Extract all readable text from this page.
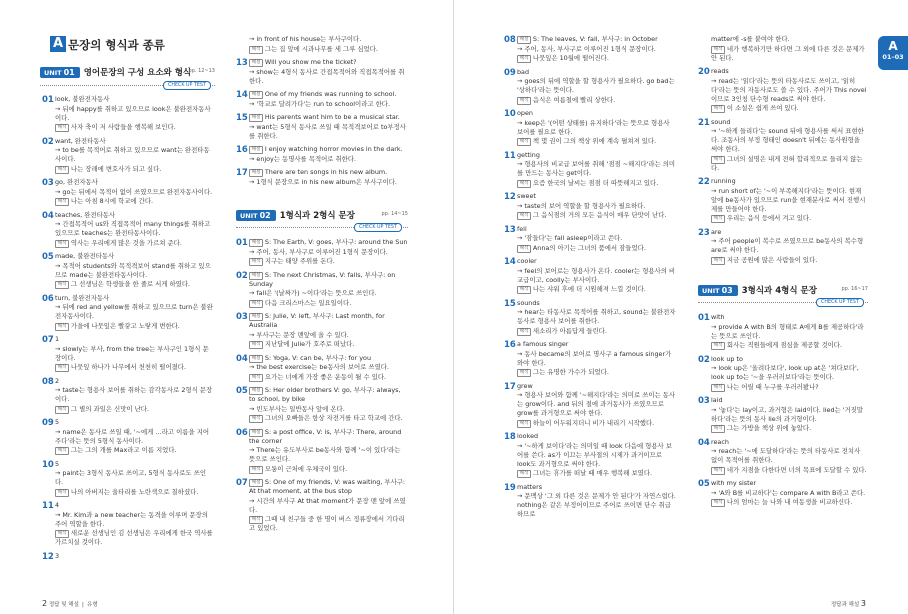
A 문장의 형식과 종류
UNIT 01	영어문장의 구성 요소와 형식
pp. 12~13
CHECK UP TEST
01 look, 불완전자동사
→ 뒤에 happy를 취하고 있으므로 look은 불완전자동사이다.
해석 사자 축이 저 사람들을 행복해 보인다.
02 want, 완전타동사
→ to be를 목적어로 취하고 있으므로 want는 완전타동사이다.
해석 나는 장래에 변호사가 되고 싶다.
03 go, 완전자동사
→ go는 뒤에서 목적어 없이 쓰였으므로 완전자동사이다.
해석 나는 아침 8시에 학교에 간다.
04 teaches, 완전타동사
→ 간접목적어 us와 직접목적어 many things를 취하고 있으므로 teaches는 완전타동사이다.
해석 역사는 우리에게 많은 것을 가르쳐 준다.
05 made, 불완전타동사
→ 목적어 students와 목적격보어 stand를 취하고 있으므로 made는 불완전타동사이다.
해석 그 선생님은 학생들을 한 줄로 서게 하였다.
06 turn, 불완전자동사
→ 뒤에 red and yellow를 취하고 있으므로 turn은 불완전자동사이다.
해석 가을에 나뭇잎은 빨갛고 노랗게 변한다.
07 1
→ slowly는 부사, from the tree는 부사구인 1형식 문장이다.
해석 나뭇잎 하나가 나무에서 천천히 떨어졌다.
08 2
→ taste는 형용사 보어를 취하는 감각동사로 2형식 문장이다.
해석 그 별의 과일은 신맛이 난다.
09 5
→ name은 동사로 쓰일 때, '~에게 …라고 이름을 지어 주다'라는 뜻의 5형식 동사이다.
해석 그는 그의 개를 Max라고 이름 지었다.
10 5
→ paint는 3형식 동사로 쓰이고, 5형식 동사로도 쓰인다.
해석 나의 아버지는 울타리를 노란색으로 칠하셨다.
11 4
→ Mr. Kim과 a new teacher는 동격을 이루며 문장의 주어 역할을 한다.
해석 새로운 선생님인 김 선생님은 우리에게 한국 역사를 가르치실 것이다.
12 3
→ in front of his house는 부사구이다.
해석 그는 집 앞에 시과나무를 세 그루 심었다.
13 해설 Will you show me the ticket?
→ show는 4형식 동사로 간접목적어와 직접목적어를 취한다.
14 해설 One of my friends was running to school.
→ '학교로 달려가다'는 run to school이라고 한다.
15 해설 His parents want him to be a musical star.
→ want는 5형식 동사로 쓰일 때 목적격보어로 to부정사를 취한다.
16 해설 I enjoy watching horror movies in the dark.
→ enjoy는 동명사를 목적어로 취한다.
17 해설 There are ten songs in his new album.
→ 1형식 문장으로 in his new album은 부사구이다.
UNIT 02	1형식과 2형식 문장	pp. 14~15
CHECK UP TEST
01 해설 S: The Earth, V: goes, 부사구: around the Sun
→ 주어, 동사, 부사구로 이루어진 1형식 문장이다.
해석 지구는 태양 주위를 돈다.
02 해설 S: The next Christmas, V: falls, 부사구: on Sunday
→ fall은 '(날짜가) ~이다'라는 뜻으로 쓰인다.
해석 다음 크리스마스는 일요일이다.
03 해설 S: Julie, V: left, 부사구: Last month, for Australia
→ 부사구는 문장 맨앞에 올 수 있다.
해석 지난달에 Julie가 호주로 떠났다.
04 해설 S: Yoga, V: can be, 부사구: for you
→ the best exercise는 be동사의 보어로 쓰였다.
해석 요가는 너에게 가장 좋은 운동이 될 수 있다.
05 해설 S: Her older brothers V: go, 부사구: always, to school, by bike
→ 빈도부사는 일반동사 앞에 온다.
해석 그녀의 오빠들은 항상 자전거를 타고 학교에 간다.
06 해설 S: a post office, V: is, 부사구: There, around the corner
→ There는 유도부사로 be동사와 함께 '~이 있다'라는 뜻으로 쓰인다.
해석 모퉁이 근처에 우체국이 있다.
07 해설 S: One of my friends, V: was waiting, 부사구: At that moment, at the bus stop
→ 시간의 부사구 At that moment가 문장 맨 앞에 쓰였다.
해석 그때 내 친구들 중 한 명이 버스 정류장에서 기다리고 있었다.
2 정답 및 해설 ❘ 유형
08 해설 S: The leaves, V: fall, 부사구: in October
→ 주어, 동사, 부사구로 이루어진 1형식 문장이다.
해석 나뭇잎은 10월에 떨어진다.
09 bad
→ goes의 뒤에 역할을 할 형용사가 필요하다. go bad는 '상하다'라는 뜻이다.
해석 음식은 여름철에 빨리 상한다.
10 open
→ keep은 '(어떤 상태를) 유지하다'라는 뜻으로 형용사 보어를 필요로 한다.
해석 책 몇 권이 그의 책상 위에 계속 펼쳐져 있다.
11 getting
→ 형용사의 비교급 보어를 취해 '점점 ~해지다'라는 의미를 만드는 동사는 get이다.
해석 요즘 한국의 날씨는 점점 더 따뜻해지고 있다.
12 sweet
→ taste의 보어 역할을 할 형용사가 필요하다.
해석 그 음식점의 거의 모든 음식이 매우 단맛이 난다.
13 fell
→ '잠들다'는 fall asleep이라고 쓴다.
해석 Anna의 아기는 그녀의 품에서 잠들었다.
14 cooler
→ feel의 보어로는 형용사가 온다. cooler는 형용사의 비교급이고, coolly는 부사이다.
해석 나는 샤워 후에 더 시원해져 느낄 것이다.
15 sounds
→ hear는 타동사로 목적어를 취하고, sound는 불완전자동사로 형용사 보어를 취한다.
해석 새소리가 아름답게 들린다.
16 a famous singer
→ 동사 became의 보어로 명사구 a famous singer가 와야 한다.
해석 그는 유명한 가수가 되었다.
17 grew
→ 형용사 보어와 함께 '~해지다'라는 의미로 쓰이는 동사는 grow이다. and 뒤의 절에 과거동사가 쓰였으므로 grow를 과거형으로 써야 한다.
해석 하늘이 어두워지더니 비가 내리기 시작했다.
18 looked
→ '~하게 보이다'라는 의미일 때 look 다음에 형용사 보어를 쓴다. as가 이끄는 부사절의 시제가 과거이므로 look도 과거형으로 써야 한다.
해석 그녀는 휴가를 떠날 때 매우 행복해 보였다.
19 matters
→ 문맥상 '그 외 다른 것은 문제가 안 된다'가 자연스럽다. nothing은 같은 부정어이므로 주어로 쓰이면 단수 취급하므로
matter에 -s를 붙여야 한다.
해석 네가 행복하기만 하다면 그 외에 다른 것은 문제가 안 된다.
20 reads
→ read는 '읽다'라는 뜻의 타동사로도 쓰이고, '읽히다'라는 뜻의 자동사로도 쓸 수 있다. 주어가 This novel이므로 3인칭 단수형 reads로 써야 한다.
해석 이 소설은 쉽게 쓰여 있다.
21 sound
→ '~하게 들리다'는 sound 뒤에 형용사를 써서 표현한다. 조동사의 부정 형태인 doesn't 뒤에는 동사원형을 써야 한다.
해석 그녀의 설명은 내게 전혀 합리적으로 들리지 않는다.
22 running
→ run short of는 '~이 부족해지다'라는 뜻이다. 현재 앞에 be동사가 있으므로 run을 현재분사로 써서 진행시제를 만들어야 한다.
해석 우리는 음식 등에서 겨고 있다.
23 are
→ 주어 people이 복수로 쓰였으므로 be동사의 복수형 are로 써야 한다.
해석 지금 공원에 많은 사람들이 있다.
UNIT 03	3형식과 4형식 문장	pp. 16~17
CHECK UP TEST
01 with
→ provide A with B의 형태로 A에게 B를 제공하다'라는 뜻으로 쓰인다.
해석 회사는 직원들에게 점심을 제공할 것이다.
02 look up to
→ look up은 '올려다보다', look up at은 '쳐다보다', look up to는 '~을 우러러보다'라는 뜻이다.
해석 나는 어릴 때 누구를 우러러봤나?
03 laid
→ '놓다'는 lay이고, 과거형은 laid이다. lied는 '거짓말하다'라는 뜻의 동사 lie의 과거형이다.
해석 그는 가방을 책상 위에 놓았다.
04 reach
→ reach는 '~에 도달하다'라는 뜻의 타동사로 전치사 없이 목적어를 취한다.
해석 네가 지점을 다한다면 너의 목표에 도달할 수 있다.
05 with my sister
→ 'A와 B를 비교하다'는 compare A with B라고 쓴다.
해석 나의 엄마는 늘 나와 내 여동생을 비교하신다.
A
01–03
정답과 해설 3
